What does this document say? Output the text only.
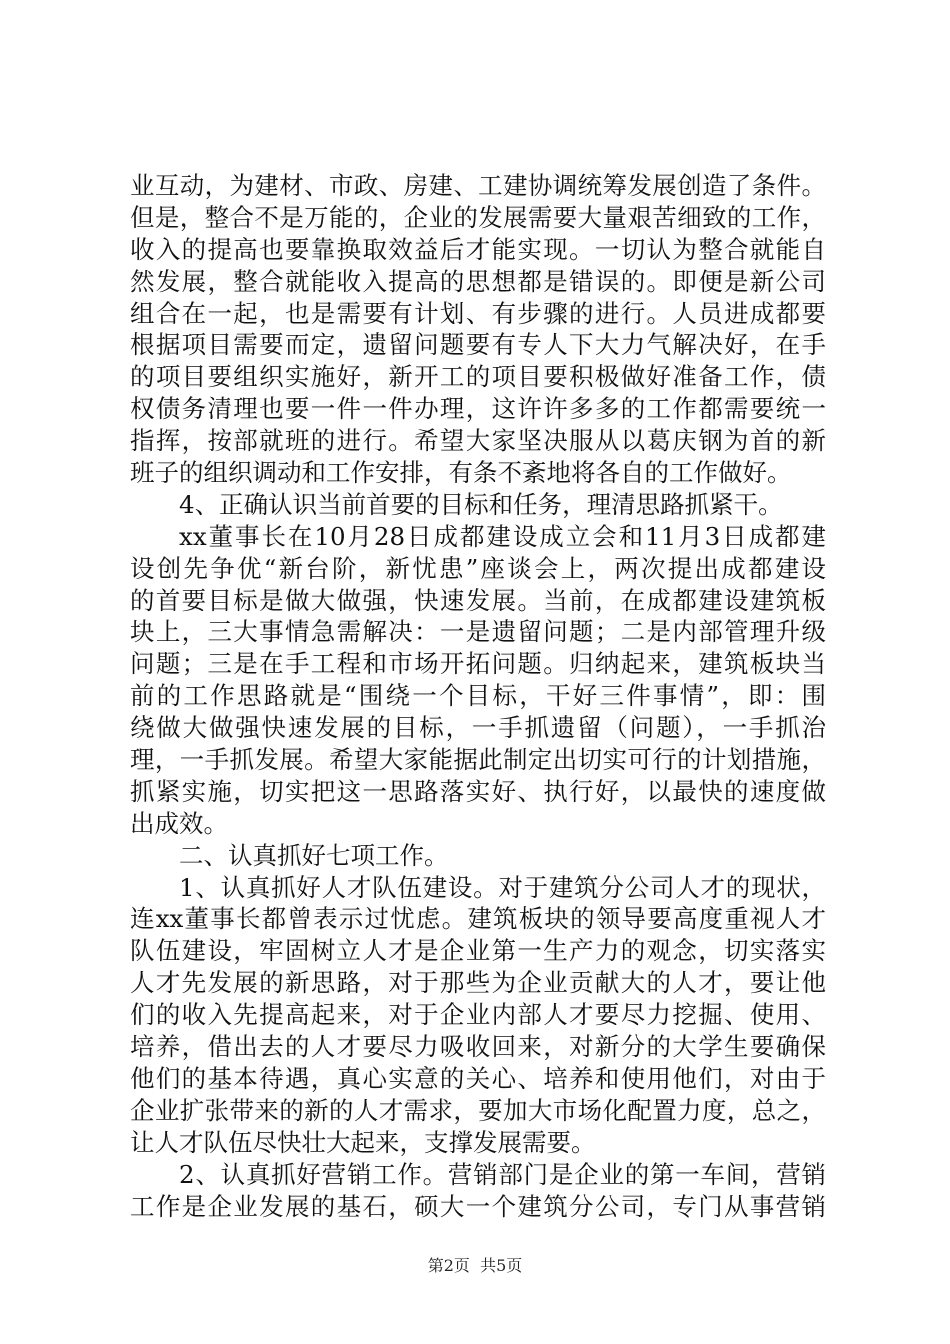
业互动，为建材、市政、房建、工建协调统筹发展创造了条件。
但是，整合不是万能的，企业的发展需要大量艰苦细致的工作，
收入的提高也要靠换取效益后才能实现。一切认为整合就能自
然发展，整合就能收入提高的思想都是错误的。即便是新公司
组合在一起，也是需要有计划、有步骤的进行。人员进成都要
根据项目需要而定，遗留问题要有专人下大力气解决好，在手
的项目要组织实施好，新开工的项目要积极做好准备工作，债
权债务清理也要一件一件办理，这许许多多的工作都需要统一
指挥，按部就班的进行。希望大家坚决服从以葛庆钢为首的新
班子的组织调动和工作安排，有条不紊地将各自的工作做好。
4、正确认识当前首要的目标和任务，理清思路抓紧干。
xx董事长在10月28日成都建设成立会和11月3日成都建
设创先争优“新台阶，新忧患”座谈会上，两次提出成都建设
的首要目标是做大做强，快速发展。当前，在成都建设建筑板
块上，三大事情急需解决：一是遗留问题；二是内部管理升级
问题；三是在手工程和市场开拓问题。归纳起来，建筑板块当
前的工作思路就是“围绕一个目标，干好三件事情”，即：围
绕做大做强快速发展的目标，一手抓遗留（问题），一手抓治
理，一手抓发展。希望大家能据此制定出切实可行的计划措施，
抓紧实施，切实把这一思路落实好、执行好，以最快的速度做
出成效。
二、认真抓好七项工作。
1、认真抓好人才队伍建设。对于建筑分公司人才的现状，
连xx董事长都曾表示过忧虑。建筑板块的领导要高度重视人才
队伍建设，牢固树立人才是企业第一生产力的观念，切实落实
人才先发展的新思路，对于那些为企业贡献大的人才，要让他
们的收入先提高起来，对于企业内部人才要尽力挖掘、使用、
培养，借出去的人才要尽力吸收回来，对新分的大学生要确保
他们的基本待遇，真心实意的关心、培养和使用他们，对由于
企业扩张带来的新的人才需求，要加大市场化配置力度，总之，
让人才队伍尽快壮大起来，支撑发展需要。
2、认真抓好营销工作。营销部门是企业的第一车间，营销
工作是企业发展的基石，硕大一个建筑分公司，专门从事营销
第2页  共5页
